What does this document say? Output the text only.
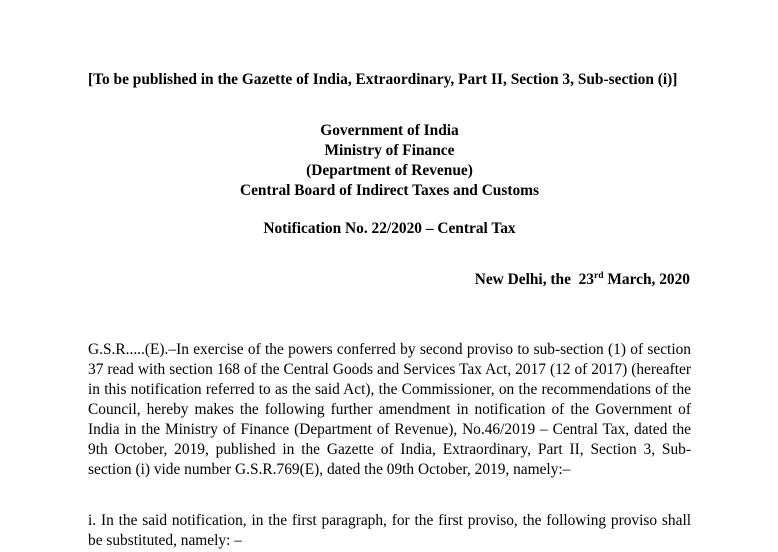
[To be published in the Gazette of India, Extraordinary, Part II, Section 3, Sub-section (i)]

Government of India
Ministry of Finance
(Department of Revenue)
Central Board of Indirect Taxes and Customs
Notification No. 22/2020 – Central Tax
New Delhi, the  23rd March, 2020

G.S.R.....(E).–In exercise of the powers conferred by second proviso to sub-section (1) of section 37 read with section 168 of the Central Goods and Services Tax Act, 2017 (12 of 2017) (hereafter in this notification referred to as the said Act), the Commissioner, on the recommendations of the Council, hereby makes the following further amendment in notification of the Government of India in the Ministry of Finance (Department of Revenue), No.46/2019 – Central Tax, dated the 9th October, 2019, published in the Gazette of India, Extraordinary, Part II, Section 3, Sub-section (i) vide number G.S.R.769(E), dated the 09th October, 2019, namely:–

i. In the said notification, in the first paragraph, for the first proviso, the following proviso shall be substituted, namely: –
